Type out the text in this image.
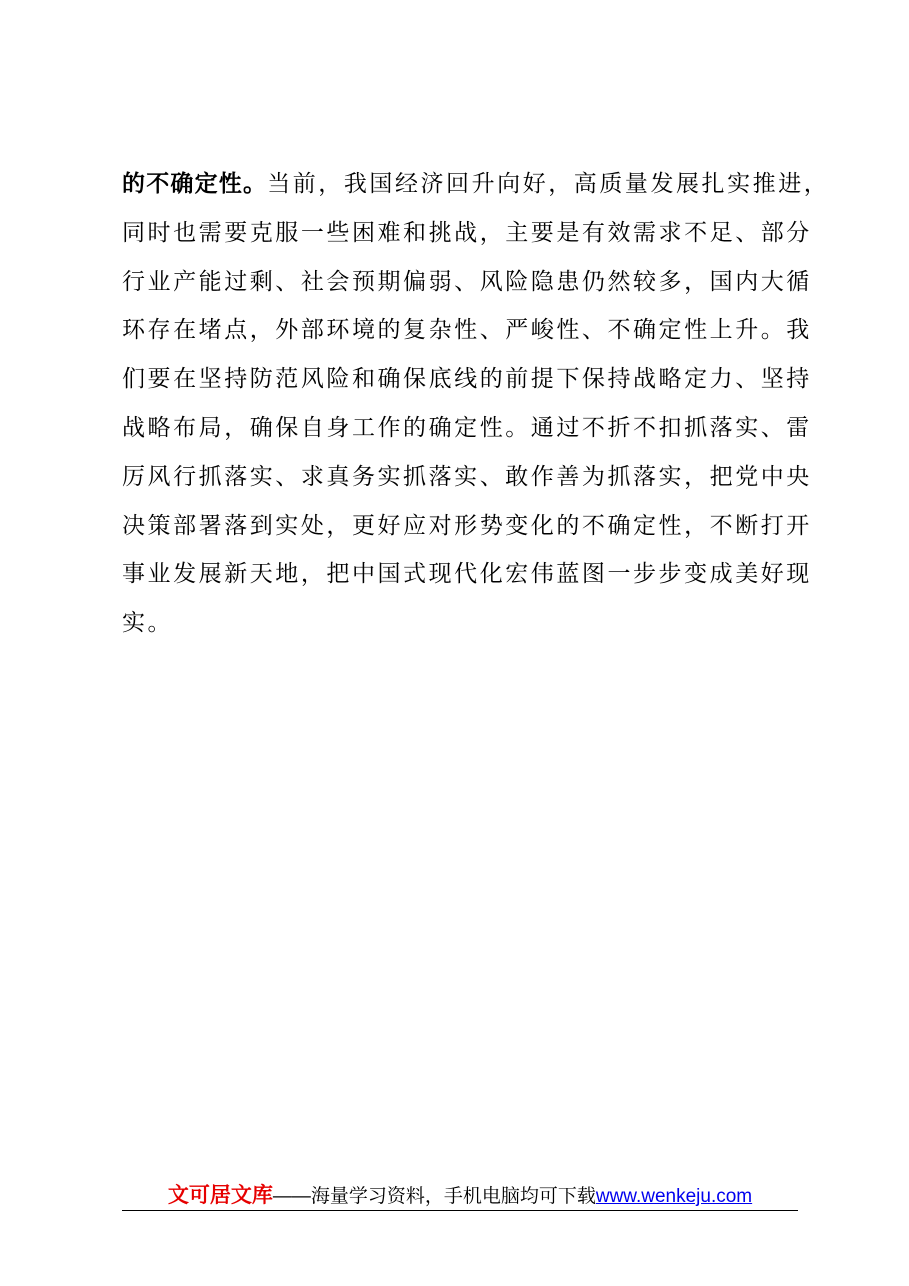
的不确定性。当前，我国经济回升向好，高质量发展扎实推进，
同时也需要克服一些困难和挑战，主要是有效需求不足、部分
行业产能过剩、社会预期偏弱、风险隐患仍然较多，国内大循
环存在堵点，外部环境的复杂性、严峻性、不确定性上升。我
们要在坚持防范风险和确保底线的前提下保持战略定力、坚持
战略布局，确保自身工作的确定性。通过不折不扣抓落实、雷
厉风行抓落实、求真务实抓落实、敢作善为抓落实，把党中央
决策部署落到实处，更好应对形势变化的不确定性，不断打开
事业发展新天地，把中国式现代化宏伟蓝图一步步变成美好现
实。
文可居文库——海量学习资料，手机电脑均可下载www.wenkeju.com
